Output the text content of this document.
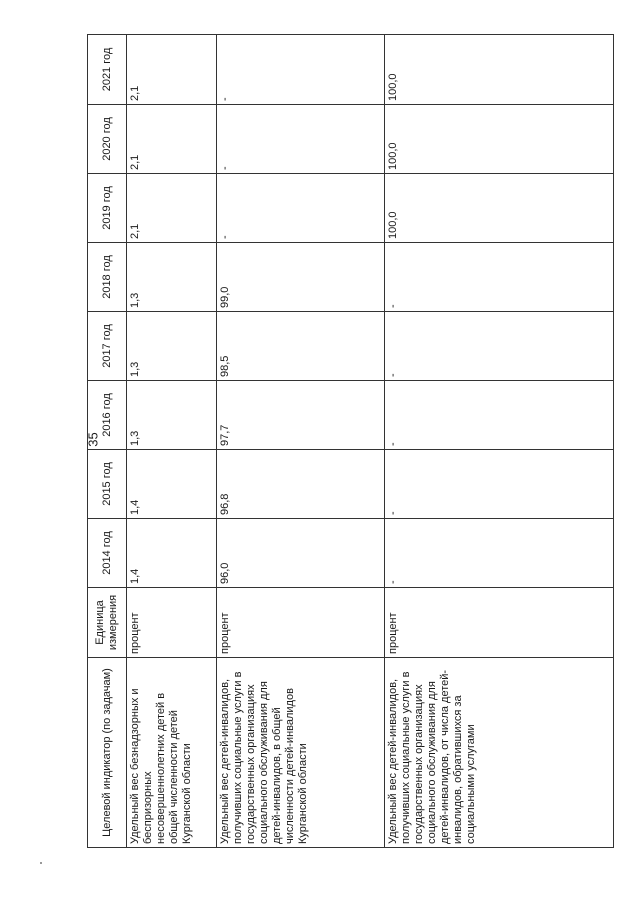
35
Целевой индикатор (по задачам)	Единица измерения	2014 год	2015 год	2016 год	2017 год	2018 год	2019 год	2020 год	2021 год
Удельный вес безнадзорных и беспризорных несовершеннолетних детей в общей численности детей Курганской области	процент	1,4	1,4	1,3	1,3	1,3	2,1	2,1	2,1
Удельный вес детей-инвалидов, получивших социальные услуги в государственных организациях социального обслуживания для детей-инвалидов, в общей численности детей-инвалидов Курганской области	процент	96,0	96,8	97,7	98,5	99,0	-	-	-
Удельный вес детей-инвалидов, получивших социальные услуги в государственных организациях социального обслуживания для детей-инвалидов, от числа детей-инвалидов, обратившихся за социальными услугами	процент	-	-	-	-	-	100,0	100,0	100,0
